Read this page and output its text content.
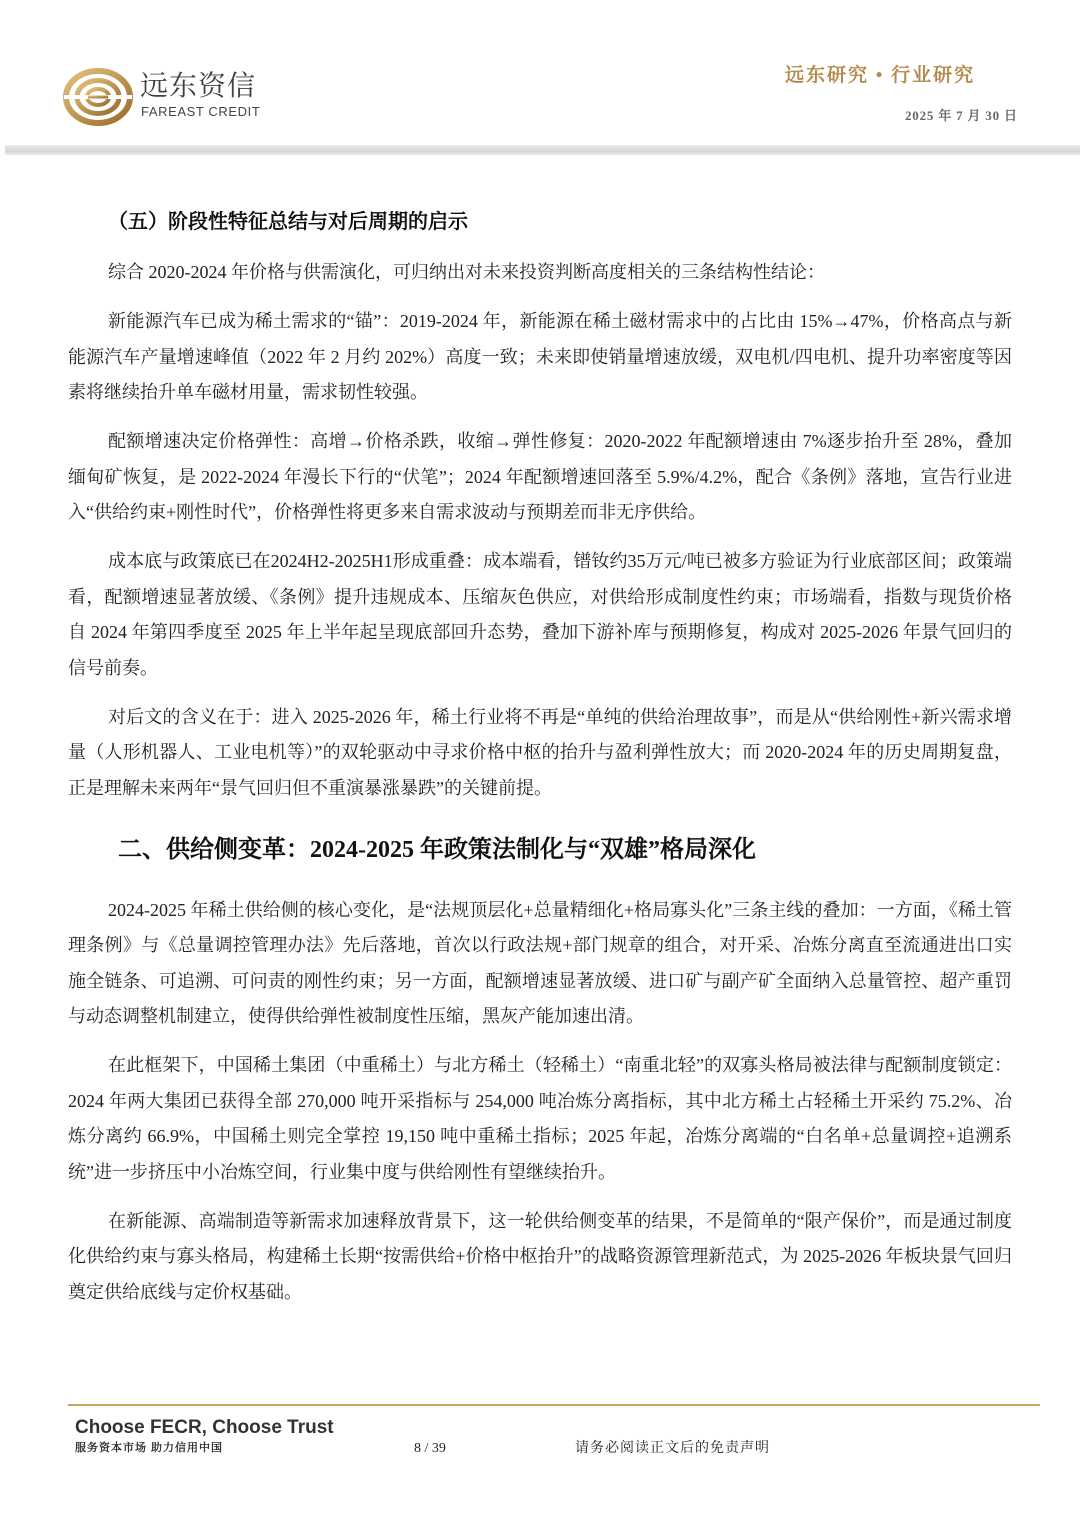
远东资信
FAREAST CREDIT
远东研究 • 行业研究
2025 年 7 月 30 日
（五）阶段性特征总结与对后周期的启示

综合 2020-2024 年价格与供需演化，可归纳出对未来投资判断高度相关的三条结构性结论：

新能源汽车已成为稀土需求的“锚”：2019-2024 年，新能源在稀土磁材需求中的占比由 15%→47%，价格高点与新能源汽车产量增速峰值（2022 年 2 月约 202%）高度一致；未来即使销量增速放缓，双电机/四电机、提升功率密度等因素将继续抬升单车磁材用量，需求韧性较强。

配额增速决定价格弹性：高增→价格杀跌，收缩→弹性修复：2020-2022 年配额增速由 7%逐步抬升至 28%，叠加缅甸矿恢复，是 2022-2024 年漫长下行的“伏笔”；2024 年配额增速回落至 5.9%/4.2%，配合《条例》落地，宣告行业进入“供给约束+刚性时代”，价格弹性将更多来自需求波动与预期差而非无序供给。

成本底与政策底已在2024H2-2025H1形成重叠：成本端看，镨钕约35万元/吨已被多方验证为行业底部区间；政策端看，配额增速显著放缓、《条例》提升违规成本、压缩灰色供应，对供给形成制度性约束；市场端看，指数与现货价格自 2024 年第四季度至 2025 年上半年起呈现底部回升态势，叠加下游补库与预期修复，构成对 2025-2026 年景气回归的信号前奏。

对后文的含义在于：进入 2025-2026 年，稀土行业将不再是“单纯的供给治理故事”，而是从“供给刚性+新兴需求增量（人形机器人、工业电机等）”的双轮驱动中寻求价格中枢的抬升与盈利弹性放大；而 2020-2024 年的历史周期复盘，正是理解未来两年“景气回归但不重演暴涨暴跌”的关键前提。

二、供给侧变革：2024-2025 年政策法制化与“双雄”格局深化

2024-2025 年稀土供给侧的核心变化，是“法规顶层化+总量精细化+格局寡头化”三条主线的叠加：一方面，《稀土管理条例》与《总量调控管理办法》先后落地，首次以行政法规+部门规章的组合，对开采、冶炼分离直至流通进出口实施全链条、可追溯、可问责的刚性约束；另一方面，配额增速显著放缓、进口矿与副产矿全面纳入总量管控、超产重罚与动态调整机制建立，使得供给弹性被制度性压缩，黑灰产能加速出清。

在此框架下，中国稀土集团（中重稀土）与北方稀土（轻稀土）“南重北轻”的双寡头格局被法律与配额制度锁定：2024 年两大集团已获得全部 270,000 吨开采指标与 254,000 吨冶炼分离指标，其中北方稀土占轻稀土开采约 75.2%、冶炼分离约 66.9%，中国稀土则完全掌控 19,150 吨中重稀土指标；2025 年起，冶炼分离端的“白名单+总量调控+追溯系统”进一步挤压中小冶炼空间，行业集中度与供给刚性有望继续抬升。

在新能源、高端制造等新需求加速释放背景下，这一轮供给侧变革的结果，不是简单的“限产保价”，而是通过制度化供给约束与寡头格局，构建稀土长期“按需供给+价格中枢抬升”的战略资源管理新范式，为 2025-2026 年板块景气回归奠定供给底线与定价权基础。

Choose FECR, Choose Trust
服务资本市场 助力信用中国	8 / 39	请务必阅读正文后的免责声明
